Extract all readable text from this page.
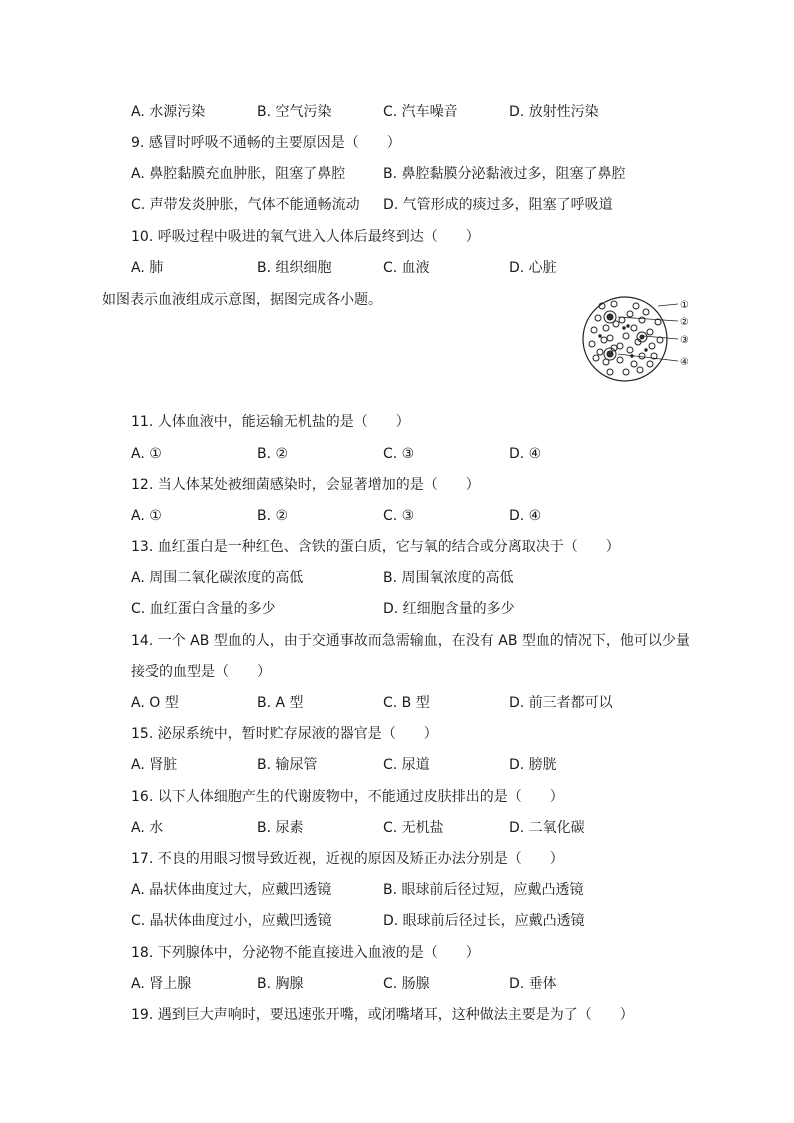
A. 水源污染	B. 空气污染	C. 汽车噪音	D. 放射性污染
9. 感冒时呼吸不通畅的主要原因是（　　）
A. 鼻腔黏膜充血肿胀，阻塞了鼻腔	B. 鼻腔黏膜分泌黏液过多，阻塞了鼻腔
C. 声带发炎肿胀，气体不能通畅流动 D. 气管形成的痰过多，阻塞了呼吸道
10. 呼吸过程中吸进的氧气进入人体后最终到达（　　）
A. 肺	B. 组织细胞	C. 血液	D. 心脏
11. 人体血液中，能运输无机盐的是（　　）
A. ①	B. ②	C. ③	D. ④
12. 当人体某处被细菌感染时，会显著增加的是（　　）
A. ①	B. ②	C. ③	D. ④
13. 血红蛋白是一种红色、含铁的蛋白质，它与氧的结合或分离取决于（　　）
A. 周围二氧化碳浓度的高低	B. 周围氧浓度的高低
C. 血红蛋白含量的多少	D. 红细胞含量的多少
14. 一个 AB 型血的人，由于交通事故而急需输血，在没有 AB 型血的情况下，他可以少量
接受的血型是（　　）
A. O 型	B. A 型	C. B 型	D. 前三者都可以
15. 泌尿系统中，暂时贮存尿液的器官是（　　）
A. 肾脏	B. 输尿管	C. 尿道	D. 膀胱
16. 以下人体细胞产生的代谢废物中，不能通过皮肤排出的是（　　）
A. 水	B. 尿素	C. 无机盐	D. 二氧化碳
17. 不良的用眼习惯导致近视，近视的原因及矫正办法分别是（　　）
A. 晶状体曲度过大，应戴凹透镜	B. 眼球前后径过短，应戴凸透镜
C. 晶状体曲度过小，应戴凹透镜	D. 眼球前后径过长，应戴凸透镜
18. 下列腺体中，分泌物不能直接进入血液的是（　　）
A. 肾上腺	B. 胸腺	C. 肠腺	D. 垂体
19. 遇到巨大声响时，要迅速张开嘴，或闭嘴堵耳，这种做法主要是为了（　　）
如图表示血液组成示意图，据图完成各小题。	①
②
③
④
